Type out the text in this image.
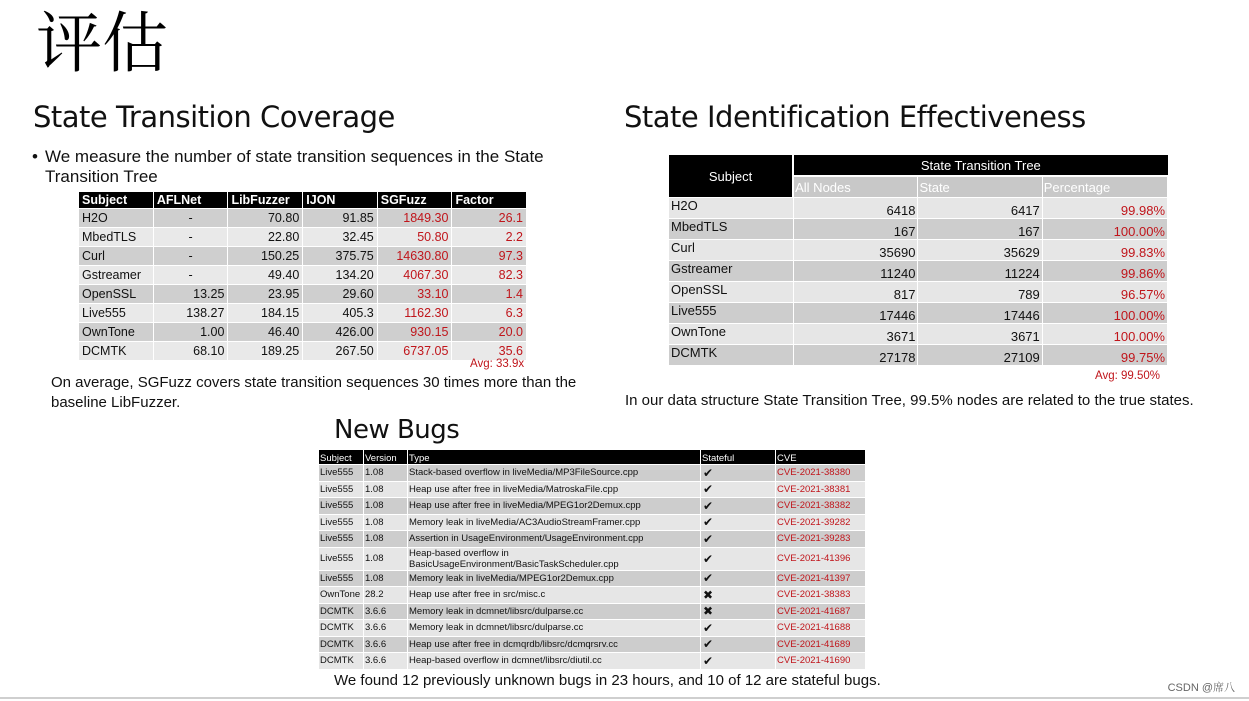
评估
State Transition Coverage
• We measure the number of state transition sequences in the State Transition Tree
Subject	AFLNet	LibFuzzer	IJON	SGFuzz	Factor
H2O	-	70.80	91.85	1849.30	26.1
MbedTLS	-	22.80	32.45	50.80	2.2
Curl	-	150.25	375.75	14630.80	97.3
Gstreamer	-	49.40	134.20	4067.30	82.3
OpenSSL	13.25	23.95	29.60	33.10	1.4
Live555	138.27	184.15	405.3	1162.30	6.3
OwnTone	1.00	46.40	426.00	930.15	20.0
DCMTK	68.10	189.25	267.50	6737.05	35.6
Avg: 33.9x
On average, SGFuzz covers state transition sequences 30 times more than the baseline LibFuzzer.
State Identification Effectiveness
Subject	State Transition Tree		
	All Nodes	State	Percentage
H2O	6418	6417	99.98%
MbedTLS	167	167	100.00%
Curl	35690	35629	99.83%
Gstreamer	11240	11224	99.86%
OpenSSL	817	789	96.57%
Live555	17446	17446	100.00%
OwnTone	3671	3671	100.00%
DCMTK	27178	27109	99.75%
Avg: 99.50%
In our data structure State Transition Tree, 99.5% nodes are related to the true states.
New Bugs
Subject	Version	Type	Stateful	CVE
Live555	1.08	Stack-based overflow in liveMedia/MP3FileSource.cpp	✔	CVE-2021-38380
Live555	1.08	Heap use after free in liveMedia/MatroskaFile.cpp	✔	CVE-2021-38381
Live555	1.08	Heap use after free in liveMedia/MPEG1or2Demux.cpp	✔	CVE-2021-38382
Live555	1.08	Memory leak in liveMedia/AC3AudioStreamFramer.cpp	✔	CVE-2021-39282
Live555	1.08	Assertion in UsageEnvironment/UsageEnvironment.cpp	✔	CVE-2021-39283
Live555	1.08	Heap-based overflow in BasicUsageEnvironment/BasicTaskScheduler.cpp	✔	CVE-2021-41396
Live555	1.08	Memory leak in liveMedia/MPEG1or2Demux.cpp	✔	CVE-2021-41397
OwnTone	28.2	Heap use after free in src/misc.c	✖	CVE-2021-38383
DCMTK	3.6.6	Memory leak in dcmnet/libsrc/dulparse.cc	✖	CVE-2021-41687
DCMTK	3.6.6	Memory leak in dcmnet/libsrc/dulparse.cc	✔	CVE-2021-41688
DCMTK	3.6.6	Heap use after free in dcmqrdb/libsrc/dcmqrsrv.cc	✔	CVE-2021-41689
DCMTK	3.6.6	Heap-based overflow in dcmnet/libsrc/diutil.cc	✔	CVE-2021-41690
We found 12 previously unknown bugs in 23 hours, and 10 of 12 are stateful bugs.	CSDN @席八
